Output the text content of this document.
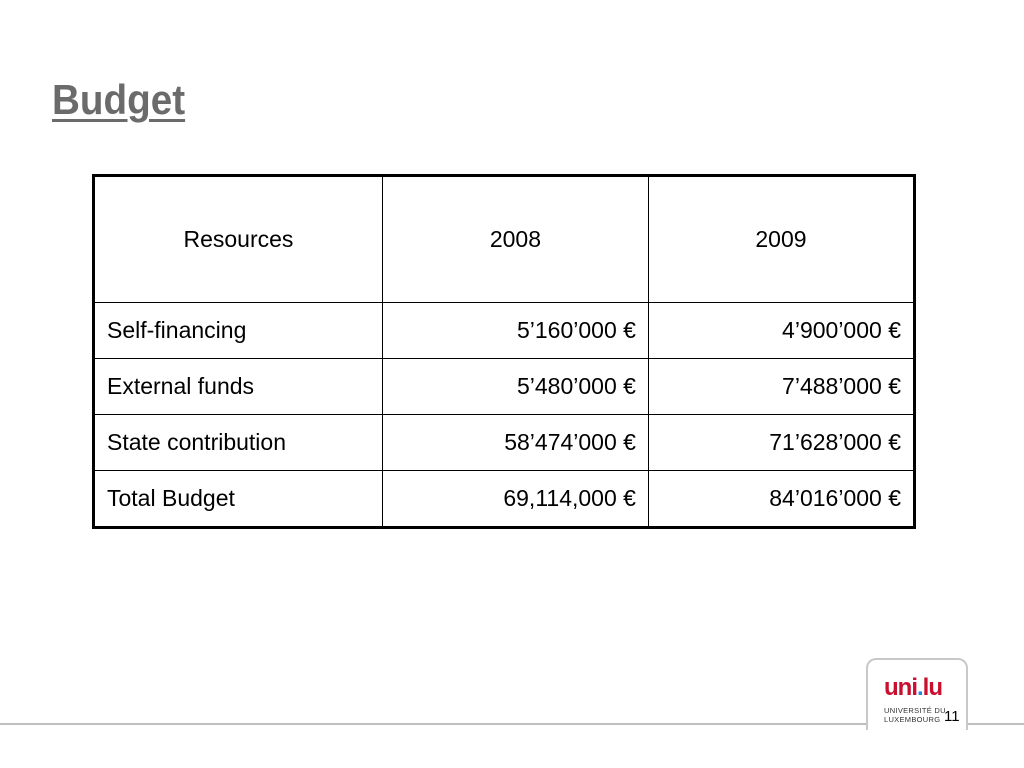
Budget
Resources	2008	2009
Self-financing	5’160’000 €	4’900’000 €
External funds	5’480’000 €	7’488’000 €
State contribution	58’474’000 €	71’628’000 €
Total Budget	69,114,000 €	84’016’000 €
uni.lu
UNIVERSITÉ DU
LUXEMBOURG 11
